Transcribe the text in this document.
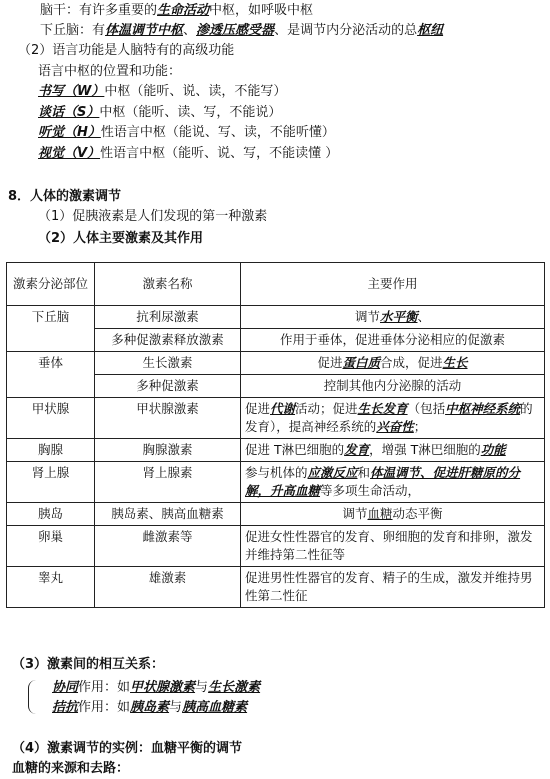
脑干：有许多重要的生命活动中枢，如呼吸中枢
下丘脑：有体温调节中枢、渗透压感受器、是调节内分泌活动的总枢纽
（2）语言功能是人脑特有的高级功能
语言中枢的位置和功能：
书写（W）中枢（能听、说、读，不能写）
谈话（S）中枢（能听、读、写，不能说）
听觉（H）性语言中枢（能说、写、读，不能听懂）
视觉（V）性语言中枢（能听、说、写，不能读懂 ）
8．人体的激素调节
（1）促胰液素是人们发现的第一种激素
（2）人体主要激素及其作用
激素分泌部位	激素名称	主要作用
下丘脑	抗利尿激素	调节水平衡、
	多种促激素释放激素	作用于垂体，促进垂体分泌相应的促激素
垂体	生长激素	促进蛋白质合成，促进生长
	多种促激素	控制其他内分泌腺的活动
甲状腺	甲状腺激素	促进代谢活动；促进生长发育（包括中枢神经系统的发育），提高神经系统的兴奋性；
胸腺	胸腺激素	促进 T淋巴细胞的发育，增强 T淋巴细胞的功能
肾上腺	肾上腺素	参与机体的应激反应和体温调节、促进肝糖原的分解，升高血糖等多项生命活动，
胰岛	胰岛素、胰高血糖素	调节血糖动态平衡
卵巢	雌激素等	促进女性性器官的发育、卵细胞的发育和排卵，激发并维持第二性征等
睾丸	雄激素	促进男性性器官的发育、精子的生成，激发并维持男性第二性征
（3）激素间的相互关系：
协同作用：如甲状腺激素与生长激素
拮抗作用：如胰岛素与胰高血糖素
（4）激素调节的实例：血糖平衡的调节
血糖的来源和去路：
